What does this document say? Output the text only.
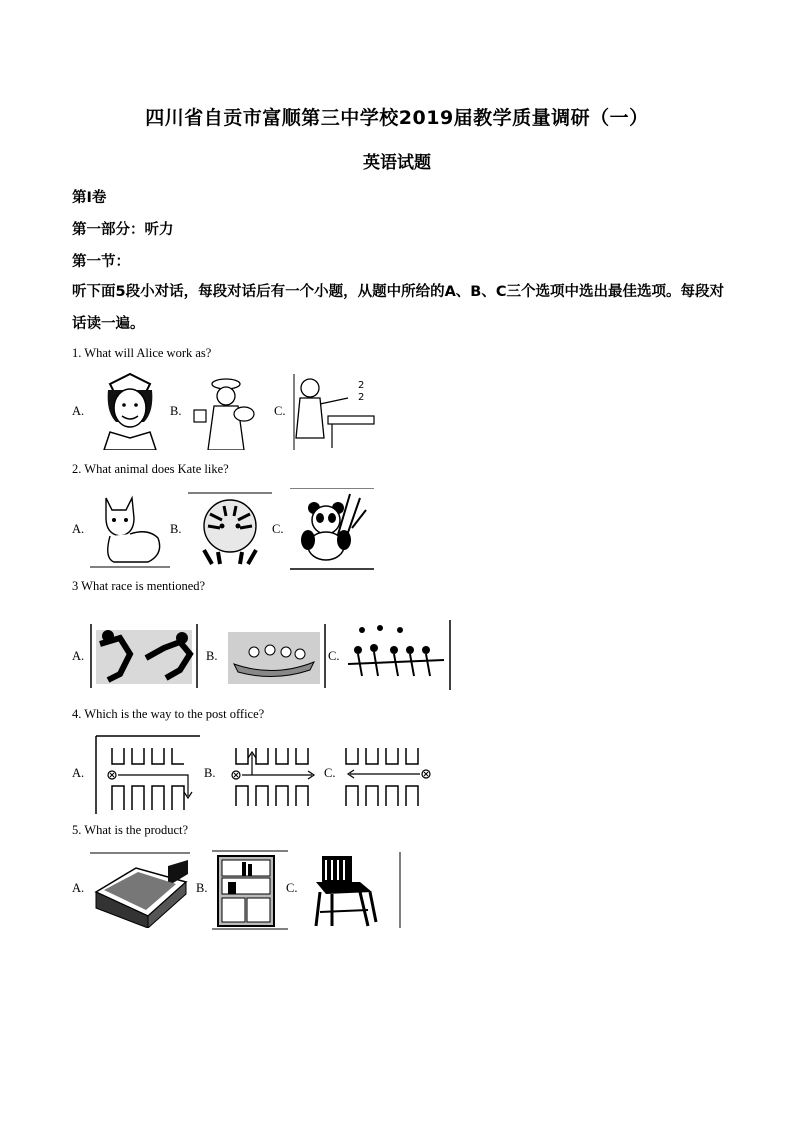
四川省自贡市富顺第三中学校2019届教学质量调研（一）
英语试题
第Ⅰ卷
第一部分：听力
第一节：
听下面5段小对话，每段对话后有一个小题，从题中所给的A、B、C三个选项中选出最佳选项。每段对话读一遍。
1. What will Alice work as?
A.	B.	C.
2
2
2. What animal does Kate like?
A.	B.	C.
3 What race is mentioned?
A.	B.	C.
4. Which is the way to the post office?
A.	B.	C.
5. What is the product?
A.	B.	C.
